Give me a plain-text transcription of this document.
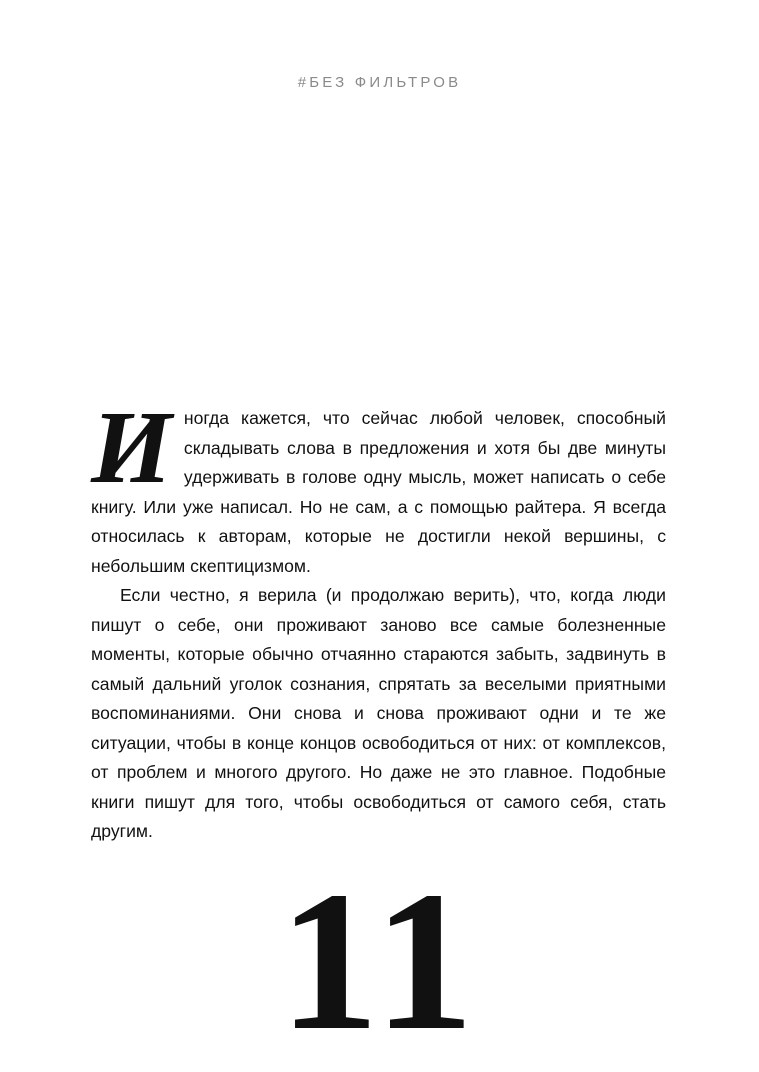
#БЕЗ ФИЛЬТРОВ

Иногда кажется, что сейчас любой человек, способный складывать слова в предложения и хотя бы две минуты удерживать в голове одну мысль, может написать о себе книгу. Или уже написал. Но не сам, а с помощью райтера. Я всегда относилась к авторам, которые не достигли некой вершины, с небольшим скептицизмом.

Если честно, я верила (и продолжаю верить), что, когда люди пишут о себе, они проживают заново все самые болезненные моменты, которые обычно отчаянно стараются забыть, задвинуть в самый дальний уголок сознания, спрятать за веселыми приятными воспоминаниями. Они снова и снова проживают одни и те же ситуации, чтобы в конце концов освободиться от них: от комплексов, от проблем и многого другого. Но даже не это главное. Подобные книги пишут для того, чтобы освободиться от самого себя, стать другим.

11
